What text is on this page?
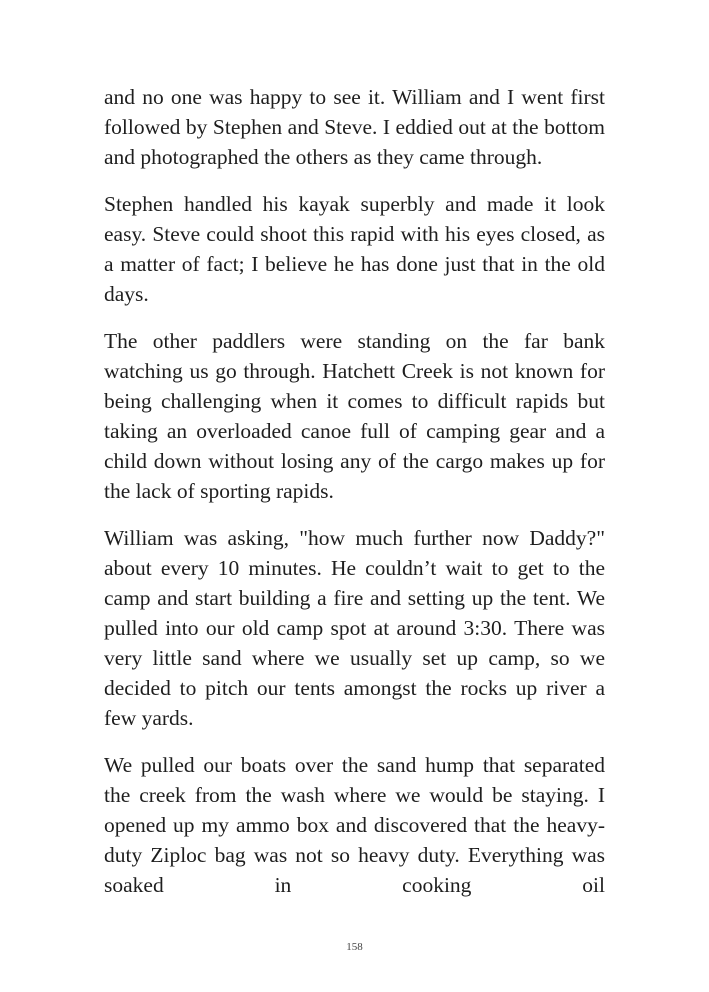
and no one was happy to see it. William and I went first followed by Stephen and Steve. I eddied out at the bottom and photographed the others as they came through.

Stephen handled his kayak superbly and made it look easy. Steve could shoot this rapid with his eyes closed, as a matter of fact; I believe he has done just that in the old days.

The other paddlers were standing on the far bank watching us go through. Hatchett Creek is not known for being challenging when it comes to difficult rapids but taking an overloaded canoe full of camping gear and a child down without losing any of the cargo makes up for the lack of sporting rapids.

William was asking, "how much further now Daddy?" about every 10 minutes. He couldn’t wait to get to the camp and start building a fire and setting up the tent. We pulled into our old camp spot at around 3:30. There was very little sand where we usually set up camp, so we decided to pitch our tents amongst the rocks up river a few yards.

We pulled our boats over the sand hump that separated the creek from the wash where we would be staying. I opened up my ammo box and discovered that the heavy-duty Ziploc bag was not so heavy duty. Everything was soaked in cooking oil

158
